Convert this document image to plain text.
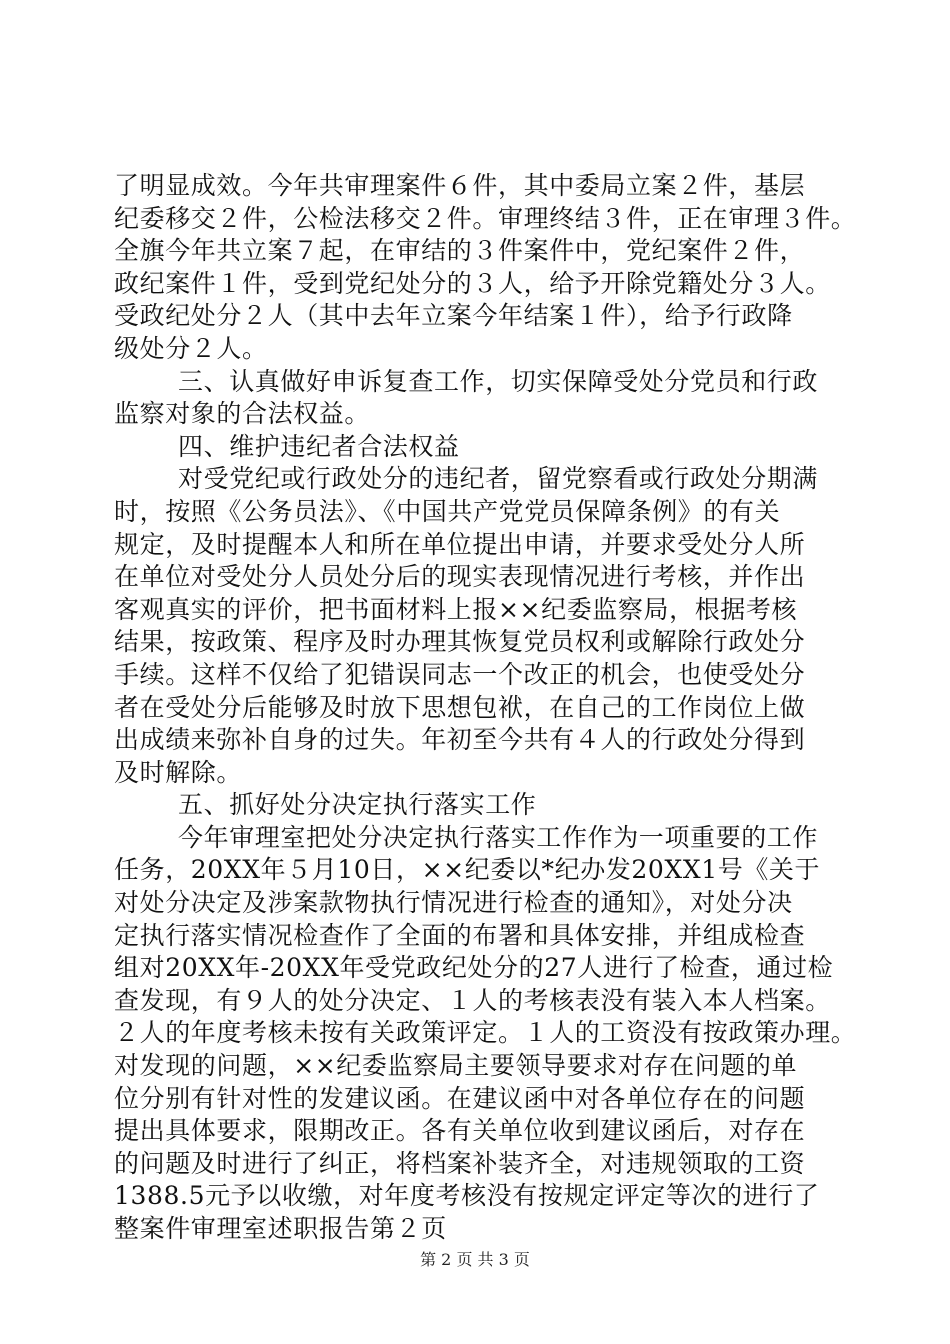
了明显成效。今年共审理案件６件，其中委局立案２件，基层
纪委移交２件，公检法移交２件。审理终结３件，正在审理３件。
全旗今年共立案７起，在审结的３件案件中，党纪案件２件，
政纪案件１件，受到党纪处分的３人，给予开除党籍处分３人。
受政纪处分２人（其中去年立案今年结案１件），给予行政降
级处分２人。
三、认真做好申诉复查工作，切实保障受处分党员和行政
监察对象的合法权益。
四、维护违纪者合法权益
对受党纪或行政处分的违纪者，留党察看或行政处分期满
时，按照《公务员法》、《中国共产党党员保障条例》的有关
规定，及时提醒本人和所在单位提出申请，并要求受处分人所
在单位对受处分人员处分后的现实表现情况进行考核，并作出
客观真实的评价，把书面材料上报××纪委监察局，根据考核
结果，按政策、程序及时办理其恢复党员权利或解除行政处分
手续。这样不仅给了犯错误同志一个改正的机会，也使受处分
者在受处分后能够及时放下思想包袱，在自己的工作岗位上做
出成绩来弥补自身的过失。年初至今共有４人的行政处分得到
及时解除。
五、抓好处分决定执行落实工作
今年审理室把处分决定执行落实工作作为一项重要的工作
任务，20XX年５月10日，××纪委以*纪办发20XX1号《关于
对处分决定及涉案款物执行情况进行检查的通知》，对处分决
定执行落实情况检查作了全面的布署和具体安排，并组成检查
组对20XX年-20XX年受党政纪处分的27人进行了检查，通过检
查发现，有９人的处分决定、１人的考核表没有装入本人档案。
２人的年度考核未按有关政策评定。１人的工资没有按政策办理。
对发现的问题，××纪委监察局主要领导要求对存在问题的单
位分别有针对性的发建议函。在建议函中对各单位存在的问题
提出具体要求，限期改正。各有关单位收到建议函后，对存在
的问题及时进行了纠正，将档案补装齐全，对违规领取的工资
1388.5元予以收缴，对年度考核没有按规定评定等次的进行了
整案件审理室述职报告第２页
第 2 页 共 3 页
